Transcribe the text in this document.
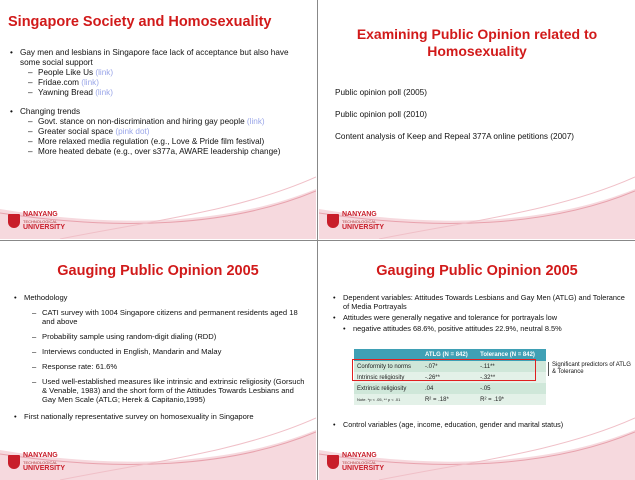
NANYANG
TECHNOLOGICAL
UNIVERSITY
Singapore Society and Homosexuality
• Gay men and lesbians in Singapore face lack of acceptance but also have some social support
– People Like Us (link)
– Fridae.com (link)
– Yawning Bread (link)
• Changing trends
– Govt. stance on non-discrimination and hiring gay people (link)
– Greater social space (pink dot)
– More relaxed media regulation (e.g., Love & Pride film festival)
– More heated debate (e.g., over s377a, AWARE leadership change)
NANYANG
TECHNOLOGICAL
UNIVERSITY
Examining Public Opinion related to Homosexuality
Public opinion poll (2005)
Public opinion poll (2010)
Content analysis of Keep and Repeal 377A online petitions (2007)
NANYANG
TECHNOLOGICAL
UNIVERSITY
Gauging Public Opinion 2005
• Methodology
– CATI survey with 1004 Singapore citizens and permanent residents aged 18 and above
– Probability sample using random-digit dialing (RDD)
– Interviews conducted in English, Mandarin and Malay
– Response rate: 61.6%
– Used well-established measures like intrinsic and extrinsic religiosity (Gorsuch & Venable, 1983) and the short form of the Attitudes Towards Lesbians and Gay Men Scale (ATLG; Herek & Capitanio,1995)
• First nationally representative survey on homosexuality in Singapore
NANYANG
TECHNOLOGICAL
UNIVERSITY
Gauging Public Opinion 2005
• Dependent variables: Attitudes Towards Lesbians and Gay Men (ATLG) and Tolerance of Media Portrayals
• Attitudes were generally negative and tolerance for portrayals low
• negative attitudes 68.6%, positive attitudes 22.9%, neutral 8.5%
	ATLG (N = 842)	Tolerance (N = 842)
Conformity to norms	-.07*	-.11**
Intrinsic religiosity	-.26**	-.32**
Extrinsic religiosity	.04	-.05
Note. *p < .05, ** p < .01	R² = .18*	R² = .19*
Significant predictors of ATLG & Tolerance
• Control variables (age, income, education, gender and marital status)
